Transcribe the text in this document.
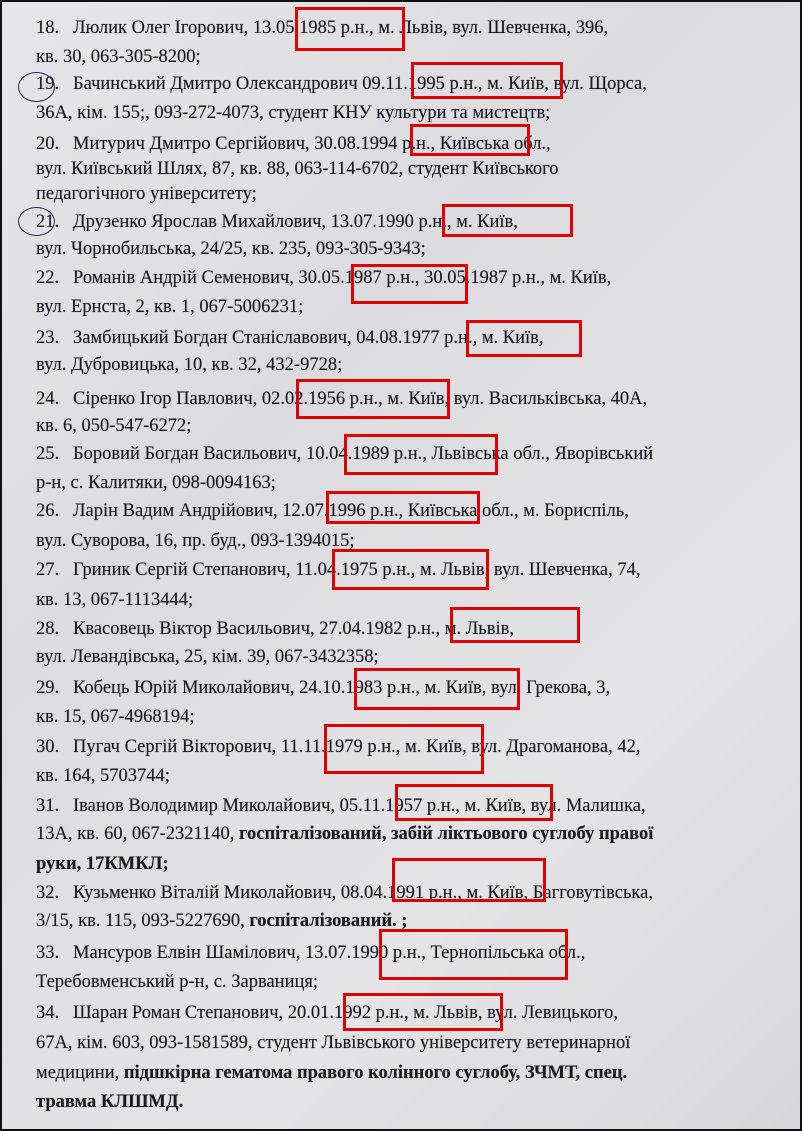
18.   Люлик Олег Ігорович, 13.05.1985 р.н., м. Львів, вул. Шевченка, 396,
кв. 30, 063-305-8200;
19.   Бачинський Дмитро Олександрович 09.11.1995 р.н., м. Київ, вул. Щорса,
36А, кім. 155;, 093-272-4073, студент КНУ культури та мистецтв;
20.   Митурич Дмитро Сергійович, 30.08.1994 р.н., Київська обл.,
вул. Київський Шлях, 87, кв. 88, 063-114-6702, студент Київського
педагогічного університету;
21.   Друзенко Ярослав Михайлович, 13.07.1990 р.н., м. Київ,
вул. Чорнобильська, 24/25, кв. 235, 093-305-9343;
22.   Романів Андрій Семенович, 30.05.1987 р.н., 30.05.1987 р.н., м. Київ,
вул. Ернста, 2, кв. 1, 067-5006231;
23.   Замбицький Богдан Станіславович, 04.08.1977 р.н., м. Київ,
вул. Дубровицька, 10, кв. 32, 432-9728;
24.   Сіренко Ігор Павлович, 02.02.1956 р.н., м. Київ, вул. Васильківська, 40А,
кв. 6, 050-547-6272;
25.   Боровий Богдан Васильович, 10.04.1989 р.н., Львівська обл., Яворівський
р-н, с. Калитяки, 098-0094163;
26.   Ларін Вадим Андрійович, 12.07.1996 р.н., Київська обл., м. Бориспіль,
вул. Суворова, 16, пр. буд., 093-1394015;
27.   Гриник Сергій Степанович, 11.04.1975 р.н., м. Львів, вул. Шевченка, 74,
кв. 13, 067-1113444;
28.   Квасовець Віктор Васильович, 27.04.1982 р.н., м. Львів,
вул. Левандівська, 25, кім. 39, 067-3432358;
29.   Кобець Юрій Миколайович, 24.10.1983 р.н., м. Київ, вул. Грекова, 3,
кв. 15, 067-4968194;
30.   Пугач Сергій Вікторович, 11.11.1979 р.н., м. Київ, вул. Драгоманова, 42,
кв. 164, 5703744;
31.   Іванов Володимир Миколайович, 05.11.1957 р.н., м. Київ, вул. Малишка,
13А, кв. 60, 067-2321140, госпіталізований, забій ліктьового суглобу правої
руки, 17КМКЛ;
32.   Кузьменко Віталій Миколайович, 08.04.1991 р.н., м. Київ, Багговутівська,
3/15, кв. 115, 093-5227690, госпіталізований. ;
33.   Мансуров Елвін Шамілович, 13.07.1990 р.н., Тернопільська обл.,
Теребовменський р-н, с. Зарваниця;
34.   Шаран Роман Степанович, 20.01.1992 р.н., м. Львів, вул. Левицького,
67А, кім. 603, 093-1581589, студент Львівського університету ветеринарної
медицини, підшкірна гематома правого колінного суглобу, ЗЧМТ, спец.
травма КЛШМД.
